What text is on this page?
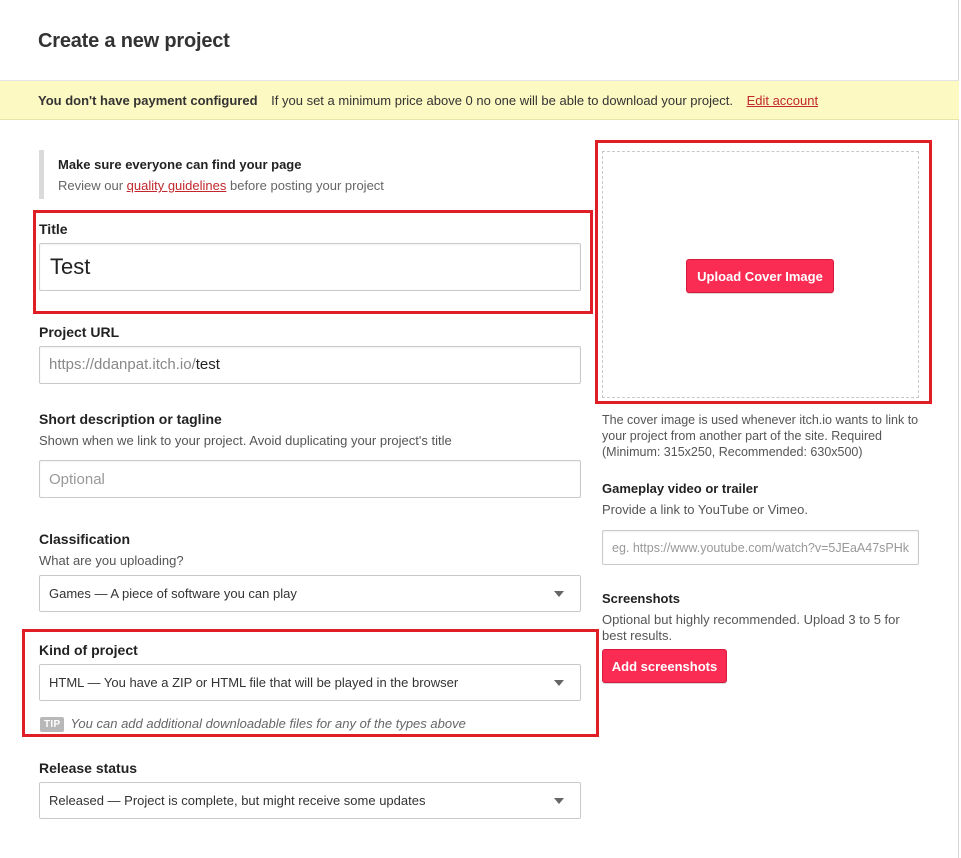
Create a new project
You don't have payment configured If you set a minimum price above 0 no one will be able to download your project. Edit account
Make sure everyone can find your page
Review our quality guidelines before posting your project

Title

Test

Project URL

https://ddanpat.itch.io/test

Short description or tagline

Shown when we link to your project. Avoid duplicating your project's title

Optional

Classification

What are you uploading?

Games — A piece of software you can play

Kind of project

HTML — You have a ZIP or HTML file that will be played in the browser
TIP You can add additional downloadable files for any of the types above

Release status

Released — Project is complete, but might receive some updates
Upload Cover Image

The cover image is used whenever itch.io wants to link to your project from another part of the site. Required (Minimum: 315x250, Recommended: 630x500)

Gameplay video or trailer

Provide a link to YouTube or Vimeo.

eg. https://www.youtube.com/watch?v=5JEaA47sPHk

Screenshots

Optional but highly recommended. Upload 3 to 5 for best results.

Add screenshots
